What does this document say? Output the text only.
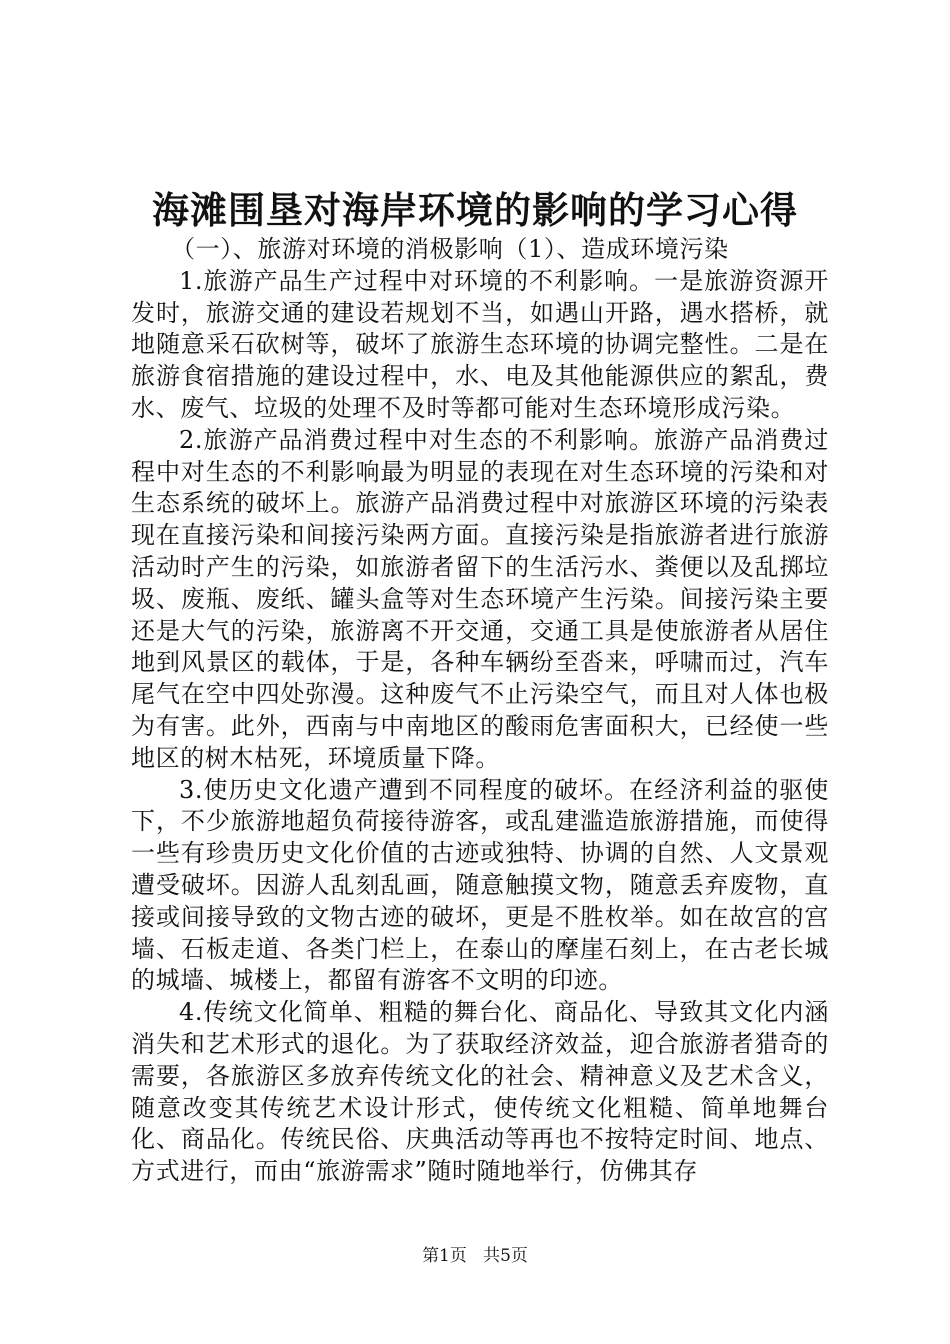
海滩围垦对海岸环境的影响的学习心得

（一）、旅游对环境的消极影响（1）、造成环境污染

1.旅游产品生产过程中对环境的不利影响。一是旅游资源开发时，旅游交通的建设若规划不当，如遇山开路，遇水搭桥，就地随意采石砍树等，破坏了旅游生态环境的协调完整性。二是在旅游食宿措施的建设过程中，水、电及其他能源供应的絮乱，费水、废气、垃圾的处理不及时等都可能对生态环境形成污染。

2.旅游产品消费过程中对生态的不利影响。旅游产品消费过程中对生态的不利影响最为明显的表现在对生态环境的污染和对生态系统的破坏上。旅游产品消费过程中对旅游区环境的污染表现在直接污染和间接污染两方面。直接污染是指旅游者进行旅游活动时产生的污染，如旅游者留下的生活污水、粪便以及乱掷垃圾、废瓶、废纸、罐头盒等对生态环境产生污染。间接污染主要还是大气的污染，旅游离不开交通，交通工具是使旅游者从居住地到风景区的载体，于是，各种车辆纷至沓来，呼啸而过，汽车尾气在空中四处弥漫。这种废气不止污染空气，而且对人体也极为有害。此外，西南与中南地区的酸雨危害面积大，已经使一些地区的树木枯死，环境质量下降。

3.使历史文化遗产遭到不同程度的破坏。在经济利益的驱使下，不少旅游地超负荷接待游客，或乱建滥造旅游措施，而使得一些有珍贵历史文化价值的古迹或独特、协调的自然、人文景观遭受破坏。因游人乱刻乱画，随意触摸文物，随意丢弃废物，直接或间接导致的文物古迹的破坏，更是不胜枚举。如在故宫的宫墙、石板走道、各类门栏上，在泰山的摩崖石刻上，在古老长城的城墙、城楼上，都留有游客不文明的印迹。

4.传统文化简单、粗糙的舞台化、商品化、导致其文化内涵消失和艺术形式的退化。为了获取经济效益，迎合旅游者猎奇的需要，各旅游区多放弃传统文化的社会、精神意义及艺术含义，随意改变其传统艺术设计形式，使传统文化粗糙、简单地舞台化、商品化。传统民俗、庆典活动等再也不按特定时间、地点、方式进行，而由“旅游需求”随时随地举行，仿佛其存

第1页 共5页
